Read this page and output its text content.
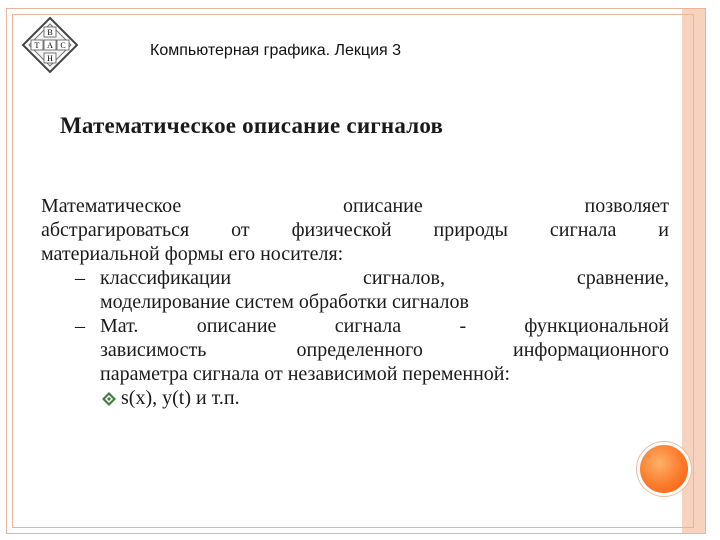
B
T A C
H	Компьютерная графика. Лекция 3
Математическое описание сигналов
Математическое описание позволяет
абстрагироваться от физической природы сигнала и
материальной формы его носителя:
– классификации сигналов, сравнение,
моделирование систем обработки сигналов
– Мат. описание сигнала - функциональной
зависимость определенного информационного
параметра сигнала от независимой переменной:
s(x), y(t) и т.п.
